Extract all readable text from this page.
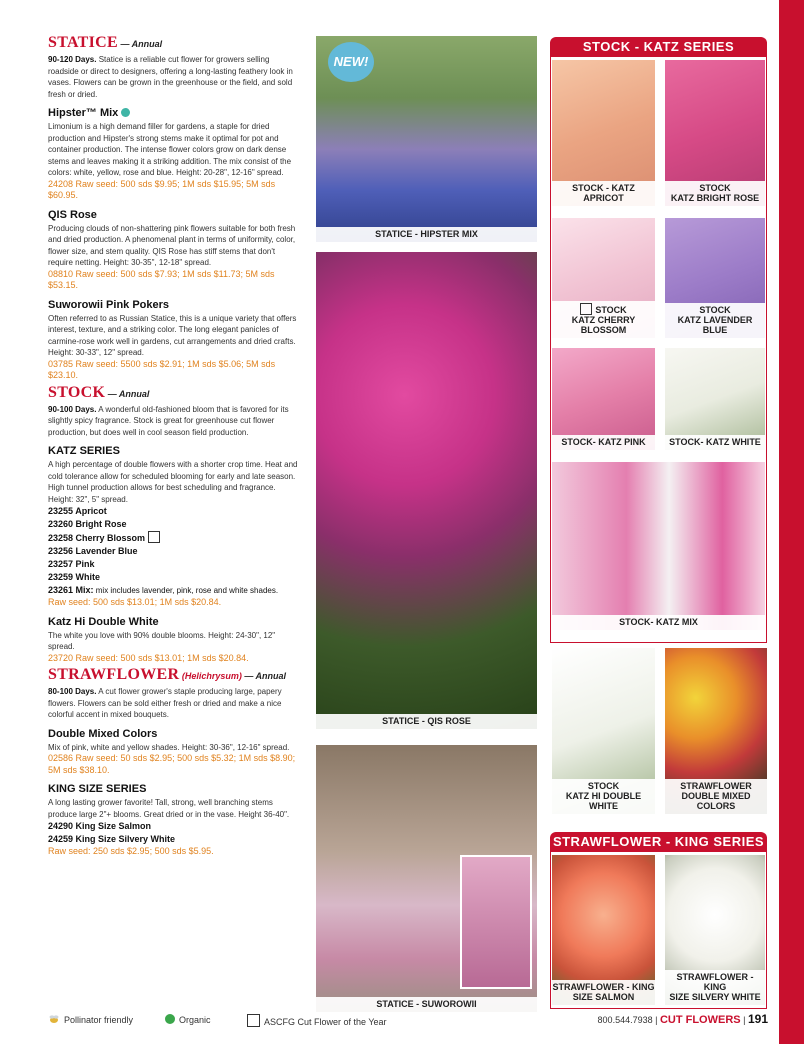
STATICE — Annual
90-120 Days. Statice is a reliable cut flower for growers selling roadside or direct to designers, offering a long-lasting feathery look in vases. Flowers can be grown in the greenhouse or the field, and sold fresh or dried.
Hipster™ Mix
Limonium is a high demand filler for gardens, a staple for dried production and Hipster's strong stems make it optimal for pot and container production. The intense flower colors grow on dark dense stems and leaves making it a striking addition. The mix consist of the colors: white, yellow, rose and blue. Height: 20-28", 12-16" spread.
24208 Raw seed: 500 sds $9.95; 1M sds $15.95; 5M sds $60.95.
QIS Rose
Producing clouds of non-shattering pink flowers suitable for both fresh and dried production. A phenomenal plant in terms of uniformity, color, flower size, and stem quality. QIS Rose has stiff stems that don't require netting. Height: 30-35", 12-18" spread.
08810 Raw seed: 500 sds $7.93; 1M sds $11.73; 5M sds $53.15.
Suworowii Pink Pokers
Often referred to as Russian Statice, this is a unique variety that offers interest, texture, and a striking color. The long elegant panicles of carmine-rose work well in gardens, cut arrangements and dried crafts. Height: 30-33", 12" spread.
03785 Raw seed: 5500 sds $2.91; 1M sds $5.06; 5M sds $23.10.
STOCK — Annual
90-100 Days. A wonderful old-fashioned bloom that is favored for its slightly spicy fragrance. Stock is great for greenhouse cut flower production, but does well in cool season field production.
KATZ SERIES
A high percentage of double flowers with a shorter crop time. Heat and cold tolerance allow for scheduled blooming for early and late season. High tunnel production allows for best scheduling and fragrance. Height: 32", 5" spread.
23255 Apricot
23260 Bright Rose
23258 Cherry Blossom
23256 Lavender Blue
23257 Pink
23259 White
23261 Mix: mix includes lavender, pink, rose and white shades.
Raw seed: 500 sds $13.01; 1M sds $20.84.
Katz Hi Double White
The white you love with 90% double blooms. Height: 24-30", 12" spread.
23720 Raw seed: 500 sds $13.01; 1M sds $20.84.
STRAWFLOWER (Helichrysum) — Annual
80-100 Days. A cut flower grower's staple producing large, papery flowers. Flowers can be sold either fresh or dried and make a nice colorful accent in mixed bouquets.
Double Mixed Colors
Mix of pink, white and yellow shades. Height: 30-36", 12-16" spread.
02586 Raw seed: 50 sds $2.95; 500 sds $5.32; 1M sds $8.90; 5M sds $38.10.
KING SIZE SERIES
A long lasting grower favorite! Tall, strong, well branching stems produce large 2"+ blooms. Great dried or in the vase. Height 36-40".
24290 King Size Salmon
24259 King Size Silvery White
Raw seed: 250 sds $2.95; 500 sds $5.95.
NEW!
STATICE - HIPSTER MIX
STATICE - QIS ROSE
STATICE - SUWOROWII
STOCK - KATZ SERIES
STOCK - KATZ APRICOT
STOCK
KATZ BRIGHT ROSE
STOCK
KATZ CHERRY BLOSSOM
STOCK
KATZ LAVENDER BLUE
STOCK- KATZ PINK	STOCK- KATZ WHITE
STOCK- KATZ MIX
STOCK
KATZ HI DOUBLE WHITE
STRAWFLOWER
DOUBLE MIXED COLORS
STRAWFLOWER - KING SERIES
STRAWFLOWER - KING
SIZE SALMON
STRAWFLOWER - KING
SIZE SILVERY WHITE
Pollinator friendly	Organic	ASCFG Cut Flower of the Year	800.544.7938 | CUT FLOWERS | 191
